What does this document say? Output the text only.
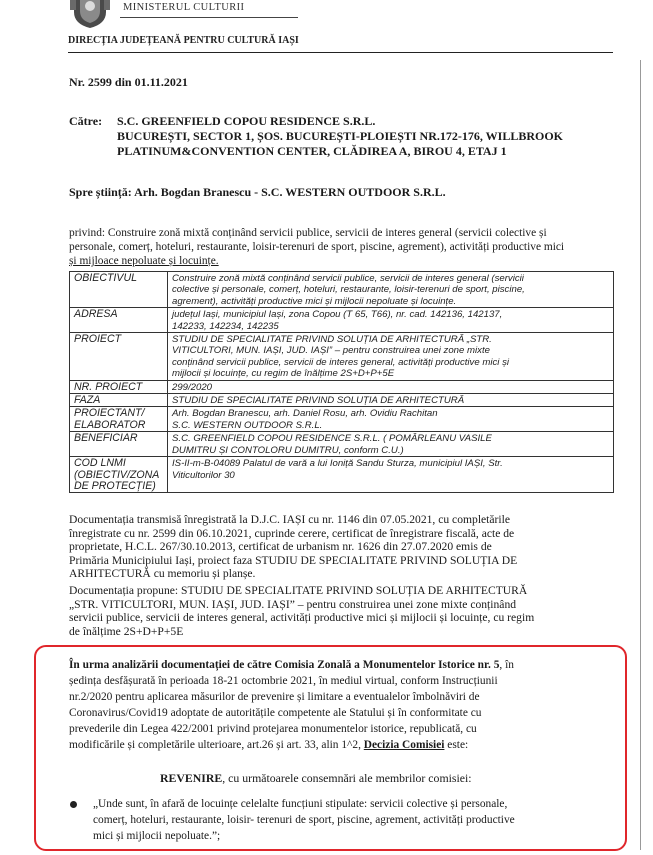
MINISTERUL CULTURII
DIRECȚIA JUDEȚEANĂ PENTRU CULTURĂ IAȘI
Nr. 2599 din 01.11.2021
Către: S.C. GREENFIELD COPOU RESIDENCE S.R.L.
BUCUREȘTI, SECTOR 1, ȘOS. BUCUREȘTI-PLOIEȘTI NR.172-176, WILLBROOK
PLATINUM&CONVENTION CENTER, CLĂDIREA A, BIROU 4, ETAJ 1
Spre știință: Arh. Bogdan Branescu - S.C. WESTERN OUTDOOR S.R.L.
privind: Construire zonă mixtă conținând servicii publice, servicii de interes general (servicii colective și
personale, comerț, hoteluri, restaurante, loisir-terenuri de sport, piscine, agrement), activități productive mici
și mijloace nepoluate și locuințe.
OBIECTIVUL	Construire zonă mixtă conținând servicii publice, servicii de interes general (servicii
colective și personale, comerț, hoteluri, restaurante, loisir-terenuri de sport, piscine,
agrement), activități productive mici și mijlocii nepoluate și locuințe.

ADRESA	județul Iași, municipiul Iași, zona Copou (T 65, T66), nr. cad. 142136, 142137,
142233, 142234, 142235

PROIECT	STUDIU DE SPECIALITATE PRIVIND SOLUȚIA DE ARHITECTURĂ „STR.
VITICULTORI, MUN. IAȘI, JUD. IAȘI” – pentru construirea unei zone mixte
conținând servicii publice, servicii de interes general, activități productive mici și
mijlocii și locuințe, cu regim de înălțime 2S+D+P+5E

NR. PROIECT	299/2020

FAZA	STUDIU DE SPECIALITATE PRIVIND SOLUȚIA DE ARHITECTURĂ

PROIECTANT/ ELABORATOR	Arh. Bogdan Branescu, arh. Daniel Rosu, arh. Ovidiu Rachitan
S.C. WESTERN OUTDOOR S.R.L.

BENEFICIAR	S.C. GREENFIELD COPOU RESIDENCE S.R.L. ( POMÂRLEANU VASILE
DUMITRU ȘI CONTOLORU DUMITRU, conform C.U.)

COD LNMI (OBIECTIV/ZONA DE PROTECȚIE)	IS-II-m-B-04089 Palatul de vară a lui Ioniță Sandu Sturza, municipiul IAȘI, Str.
Viticultorilor 30
Documentația transmisă înregistrată la D.J.C. IAȘI cu nr. 1146 din 07.05.2021, cu completările
înregistrate cu nr. 2599 din 06.10.2021, cuprinde cerere, certificat de înregistrare fiscală, acte de
proprietate, H.C.L. 267/30.10.2013, certificat de urbanism nr. 1626 din 27.07.2020 emis de
Primăria Municipiului Iași, proiect faza STUDIU DE SPECIALITATE PRIVIND SOLUȚIA DE
ARHITECTURĂ cu memoriu și planșe.
Documentația propune: STUDIU DE SPECIALITATE PRIVIND SOLUȚIA DE ARHITECTURĂ
„STR. VITICULTORI, MUN. IAȘI, JUD. IAȘI” – pentru construirea unei zone mixte conținând
servicii publice, servicii de interes general, activități productive mici și mijlocii și locuințe, cu regim
de înălțime 2S+D+P+5E
În urma analizării documentației de către Comisia Zonală a Monumentelor Istorice nr. 5, în
ședința desfășurată în perioada 18-21 octombrie 2021, în mediul virtual, conform Instrucțiunii
nr.2/2020 pentru aplicarea măsurilor de prevenire și limitare a eventualelor îmbolnăviri de
Coronavirus/Covid19 adoptate de autoritățile competente ale Statului și în conformitate cu
prevederile din Legea 422/2001 privind protejarea monumentelor istorice, republicată, cu
modificările și completările ulterioare, art.26 și art. 33, alin 1^2, Decizia Comisiei este:
REVENIRE, cu următoarele consemnări ale membrilor comisiei:
„Unde sunt, în afară de locuințe celelalte funcțiuni stipulate: servicii colective și personale,
comerț, hoteluri, restaurante, loisir- terenuri de sport, piscine, agrement, activități productive
mici și mijlocii nepoluate.”;
